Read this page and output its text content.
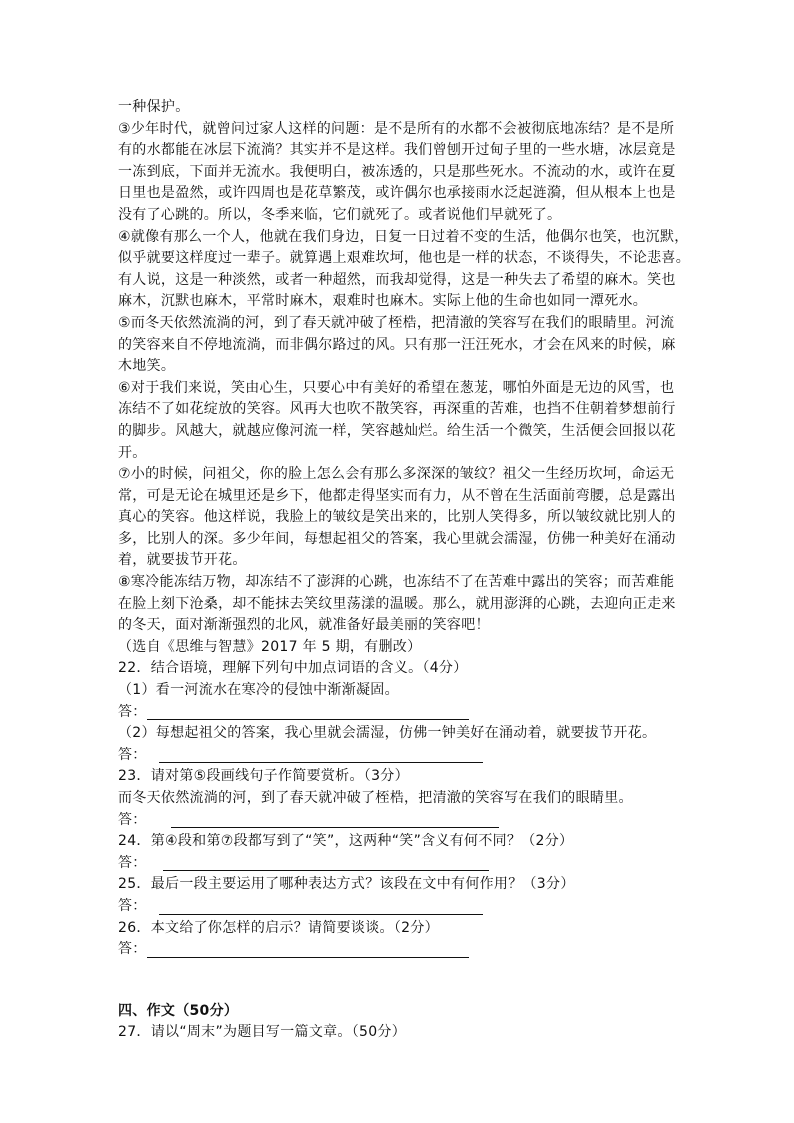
一种保护。
③少年时代，就曾问过家人这样的问题：是不是所有的水都不会被彻底地冻结？是不是所
有的水都能在冰层下流淌？其实并不是这样。我们曾刨开过甸子里的一些水塘，冰层竟是
一冻到底，下面并无流水。我便明白，被冻透的，只是那些死水。不流动的水，或许在夏
日里也是盈然，或许四周也是花草繁茂，或许偶尔也承接雨水泛起涟漪，但从根本上也是
没有了心跳的。所以，冬季来临，它们就死了。或者说他们早就死了。
④就像有那么一个人，他就在我们身边，日复一日过着不变的生活，他偶尔也笑，也沉默，
似乎就要这样度过一辈子。就算遇上艰难坎坷，他也是一样的状态，不谈得失，不论悲喜。
有人说，这是一种淡然，或者一种超然，而我却觉得，这是一种失去了希望的麻木。笑也
麻木，沉默也麻木，平常时麻木，艰难时也麻木。实际上他的生命也如同一潭死水。
⑤而冬天依然流淌的河，到了春天就冲破了桎梏，把清澈的笑容写在我们的眼睛里。河流
的笑容来自不停地流淌，而非偶尔路过的风。只有那一汪汪死水，才会在风来的时候，麻
木地笑。
⑥对于我们来说，笑由心生，只要心中有美好的希望在葱茏，哪怕外面是无边的风雪，也
冻结不了如花绽放的笑容。风再大也吹不散笑容，再深重的苦难，也挡不住朝着梦想前行
的脚步。风越大，就越应像河流一样，笑容越灿烂。给生活一个微笑，生活便会回报以花
开。
⑦小的时候，问祖父，你的脸上怎么会有那么多深深的皱纹？祖父一生经历坎坷，命运无
常，可是无论在城里还是乡下，他都走得坚实而有力，从不曾在生活面前弯腰，总是露出
真心的笑容。他这样说，我脸上的皱纹是笑出来的，比别人笑得多，所以皱纹就比别人的
多，比别人的深。多少年间，每想起祖父的答案，我心里就会濡湿，仿佛一种美好在涌动
着，就要拔节开花。
⑧寒冷能冻结万物，却冻结不了澎湃的心跳，也冻结不了在苦难中露出的笑容；而苦难能
在脸上刻下沧桑，却不能抹去笑纹里荡漾的温暖。那么，就用澎湃的心跳，去迎向正走来
的冬天，面对渐渐强烈的北风，就准备好最美丽的笑容吧！
（选自《思维与智慧》2017 年 5 期，有删改）
22．结合语境，理解下列句中加点词语的含义。（4分）
（1）看一河流水在寒冷的侵蚀中渐渐凝固。
答：
（2）每想起祖父的答案，我心里就会濡湿，仿佛一钟美好在涌动着，就要拔节开花。
答：
23．请对第⑤段画线句子作简要赏析。（3分）
而冬天依然流淌的河，到了春天就冲破了桎梏，把清澈的笑容写在我们的眼睛里。
答：
24．第④段和第⑦段都写到了“笑”，这两种“笑”含义有何不同？（2分）
答：
25．最后一段主要运用了哪种表达方式？该段在文中有何作用？（3分）
答：
26．本文给了你怎样的启示？请简要谈谈。（2分）
答：
四、作文（50分）
27．请以“周末”为题目写一篇文章。（50分）
